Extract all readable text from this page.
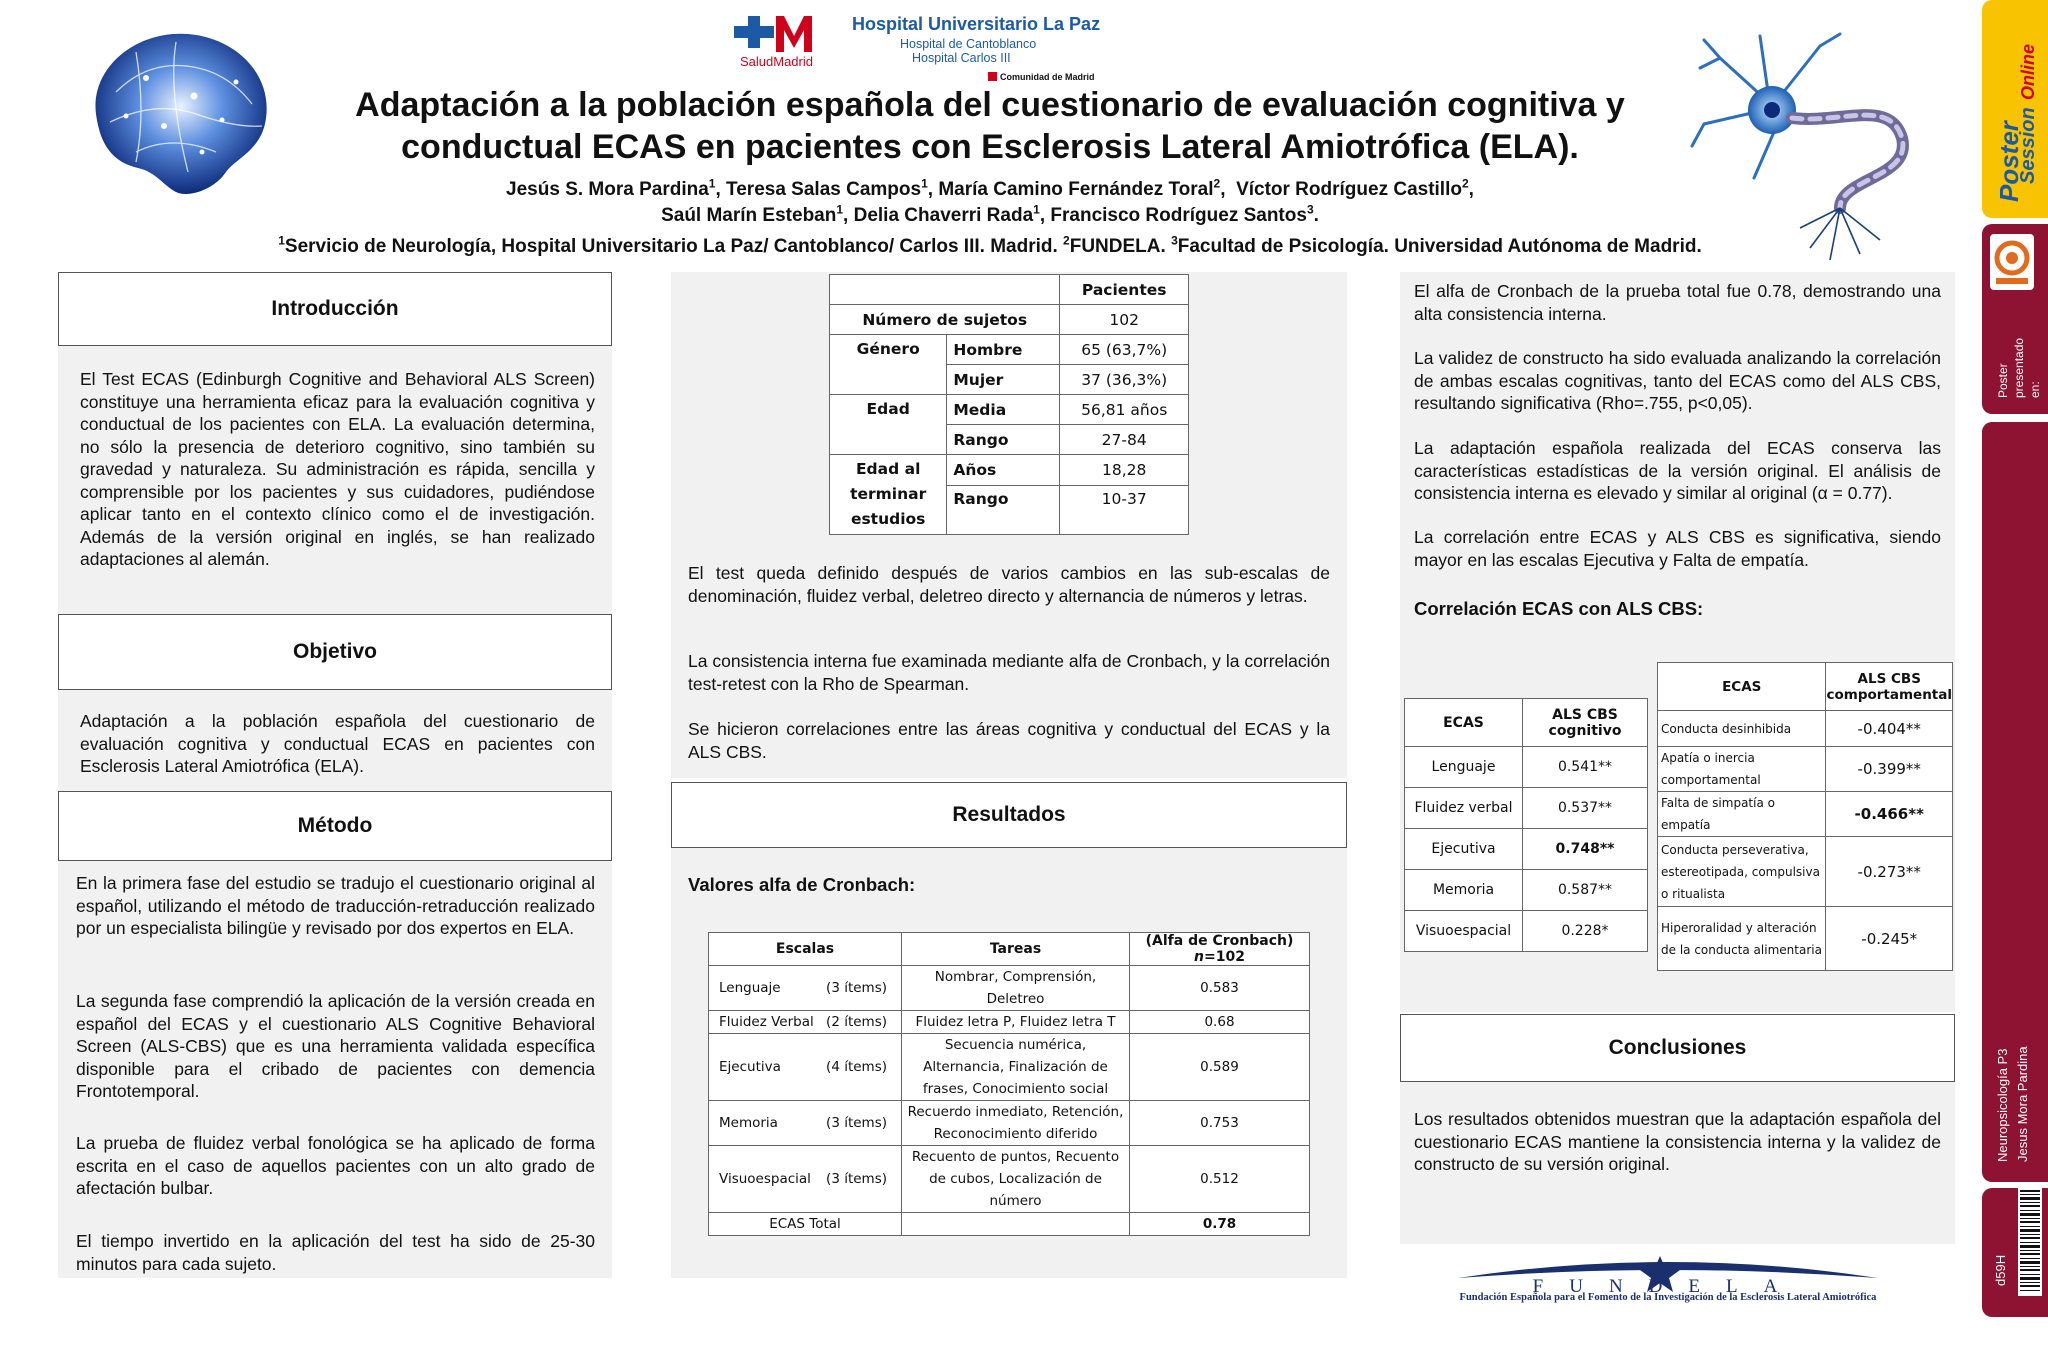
SaludMadrid
Hospital Universitario La Paz
Hospital de Cantoblanco
Hospital Carlos III
Comunidad de Madrid
Adaptación a la población española del cuestionario de evaluación cognitiva y
conductual ECAS en pacientes con Esclerosis Lateral Amiotrófica (ELA).
Jesús S. Mora Pardina$^1$, Teresa Salas Campos$^1$, María Camino Fernández Toral$^2$,  Víctor Rodríguez Castillo$^2$,
Saúl Marín Esteban$^1$, Delia Chaverri Rada$^1$, Francisco Rodríguez Santos$^3$.
$^1$Servicio de Neurología, Hospital Universitario La Paz/ Cantoblanco/ Carlos III. Madrid. $^2$FUNDELA. $^3$Facultad de Psicología. Universidad Autónoma de Madrid.
Introducción
El Test ECAS (Edinburgh Cognitive and Behavioral ALS Screen) constituye una herramienta eficaz para la evaluación cognitiva y conductual de los pacientes con ELA. La evaluación determina, no sólo la presencia de deterioro cognitivo, sino también su gravedad y naturaleza. Su administración es rápida, sencilla y comprensible por los pacientes y sus cuidadores, pudiéndose aplicar tanto en el contexto clínico como el de investigación. Además de la versión original en inglés, se han realizado adaptaciones al alemán.
Objetivo
Adaptación a la población española del cuestionario de evaluación cognitiva y conductual ECAS en pacientes con Esclerosis Lateral Amiotrófica (ELA).
Método
En la primera fase del estudio se tradujo el cuestionario original al español, utilizando el método de traducción-retraducción realizado por un especialista bilingüe y revisado por dos expertos en ELA.
La segunda fase comprendió la aplicación de la versión creada en español del ECAS y el cuestionario ALS Cognitive Behavioral Screen (ALS-CBS) que es una herramienta validada específica disponible para el cribado de pacientes con demencia Frontotemporal.
La prueba de fluidez verbal fonológica se ha aplicado de forma escrita en el caso de aquellos pacientes con un alto grado de afectación bulbar.
El tiempo invertido en la aplicación del test ha sido de 25-30 minutos para cada sujeto.
Resultados
		Pacientes
Número de sujetos		102
Género	Hombre	65 (63,7%)
	Mujer	37 (36,3%)
Edad	Media	56,81 años
	Rango	27-84

Edad al
terminar
estudios	Años	18,28
	Rango	10-37
El test queda definido después de varios cambios en las sub-escalas de denominación, fluidez verbal, deletreo directo y alternancia de números y letras.
La consistencia interna fue examinada mediante alfa de Cronbach, y la correlación test-retest con la Rho de Spearman.
Se hicieron correlaciones entre las áreas cognitiva y conductual del ECAS y la ALS CBS.
Valores alfa de Cronbach:
Escalas	Tareas	(Alfa de Cronbach) n=102
Lenguaje (3 ítems)	Nombrar, Comprensión, Deletreo	0.583
Fluidez Verbal (2 ítems)	Fluidez letra P, Fluidez letra T	0.68
Ejecutiva (4 ítems)	Secuencia numérica, Alternancia, Finalización de frases, Conocimiento social	0.589
Memoria (3 ítems)	Recuerdo inmediato, Retención, Reconocimiento diferido	0.753
Visuoespacial (3 ítems)	Recuento de puntos, Recuento de cubos, Localización de número	0.512
ECAS Total		0.78
Conclusiones
El alfa de Cronbach de la prueba total fue 0.78, demostrando una alta consistencia interna.
La validez de constructo ha sido evaluada analizando la correlación de ambas escalas cognitivas, tanto del ECAS como del ALS CBS, resultando significativa (Rho=.755, p<0,05).
La adaptación española realizada del ECAS conserva las características estadísticas de la versión original. El análisis de consistencia interna es elevado y similar al original (α = 0.77).
La correlación entre ECAS y ALS CBS es significativa, siendo mayor en las escalas Ejecutiva y Falta de empatía.
Correlación ECAS con ALS CBS:
ECAS	ALS CBS
cognitivo

Lenguaje	0.541**
Fluidez verbal	0.537**
Ejecutiva	0.748**
Memoria	0.587**
Visuoespacial	0.228*
ECAS	ALS CBS
comportamental

Conducta desinhibida	-0.404**
Apatía o inercia comportamental	-0.399**
Falta de simpatía o empatía	-0.466**
Conducta perseverativa, estereotipada, compulsiva o ritualista	-0.273**
Hiperoralidad y alteración de la conducta alimentaria	-0.245*
Los resultados obtenidos muestran que la adaptación española del cuestionario ECAS mantiene la consistencia interna y la validez de constructo de su versión original.
FUNDELA
Fundación Española para el Fomento de la Investigación de la Esclerosis Lateral Amiotrófica
Poster
Session
Online
Poster presentado en:
Neuropsicología P3 Jesus Mora Pardina
d59H
9Bfasen
